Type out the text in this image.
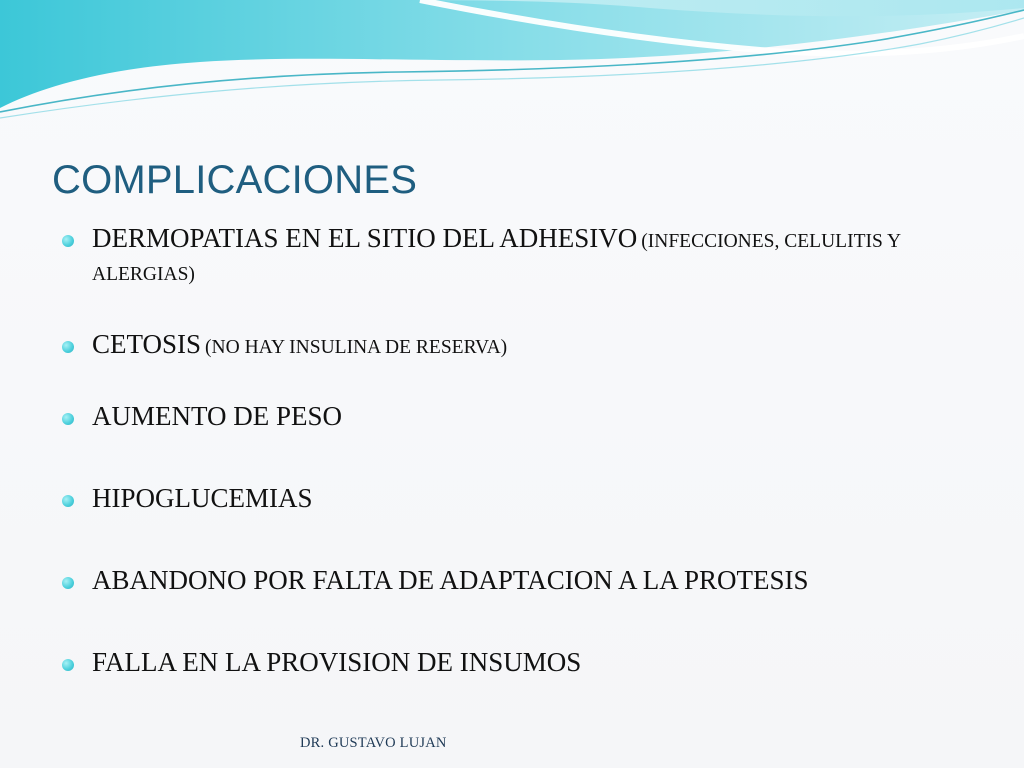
COMPLICACIONES
DERMOPATIAS EN EL SITIO DEL ADHESIVO (INFECCIONES, CELULITIS Y ALERGIAS)
CETOSIS (NO HAY INSULINA DE RESERVA)
AUMENTO DE PESO
HIPOGLUCEMIAS
ABANDONO POR FALTA DE ADAPTACION A LA PROTESIS
FALLA EN LA PROVISION DE INSUMOS
DR. GUSTAVO LUJAN
